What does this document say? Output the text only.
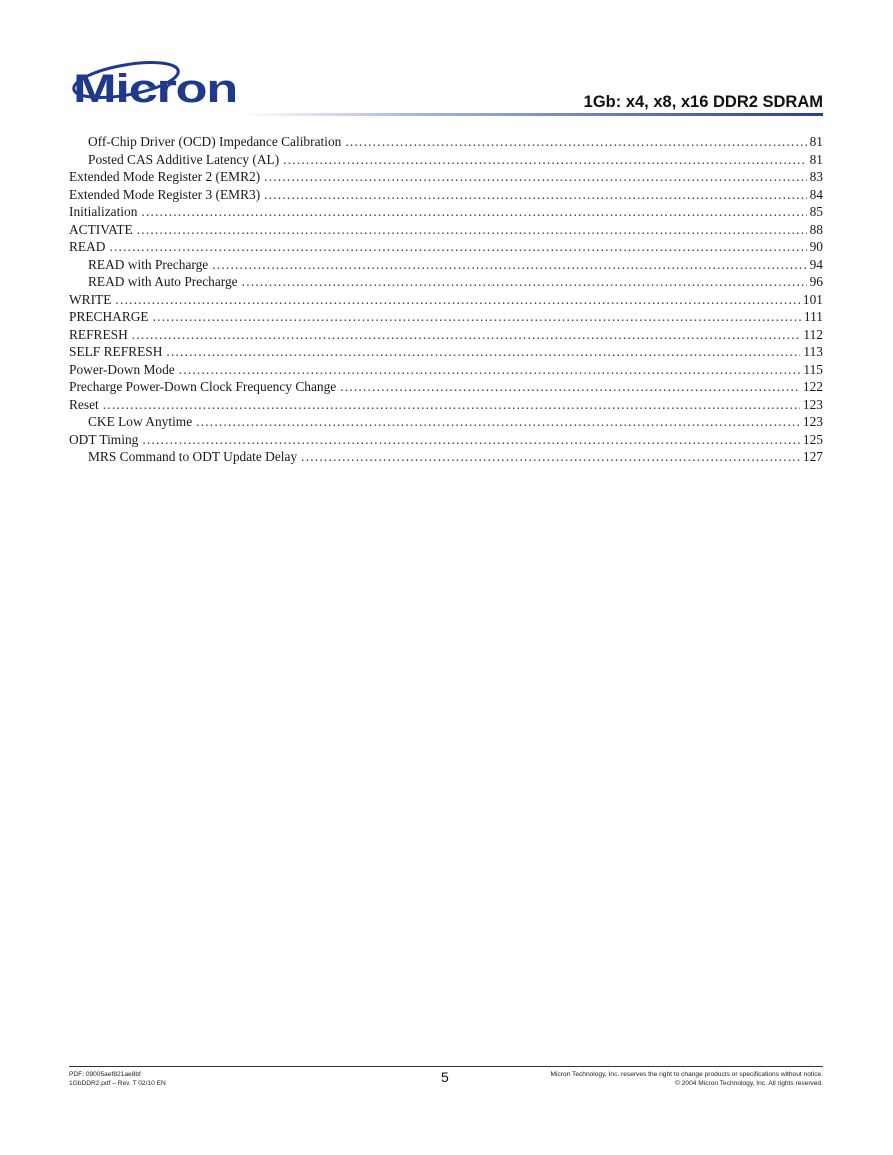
Micron	1Gb: x4, x8, x16 DDR2 SDRAM
Off-Chip Driver (OCD) Impedance Calibration .....	81
Posted CAS Additive Latency (AL) .....	81
Extended Mode Register 2 (EMR2) .....	83
Extended Mode Register 3 (EMR3) .....	84
Initialization .....	85
ACTIVATE .....	88
READ .....	90
READ with Precharge .....	94
READ with Auto Precharge .....	96
WRITE .....	101
PRECHARGE .....	111
REFRESH .....	112
SELF REFRESH .....	113
Power-Down Mode .....	115
Precharge Power-Down Clock Frequency Change .....	122
Reset .....	123
CKE Low Anytime .....	123
ODT Timing .....	125
MRS Command to ODT Update Delay .....	127
PDF: 09005aef821ae8bf
1GbDDR2.pdf – Rev. T 02/10 EN	5	Micron Technology, Inc. reserves the right to change products or specifications without notice.
© 2004 Micron Technology, Inc. All rights reserved.
